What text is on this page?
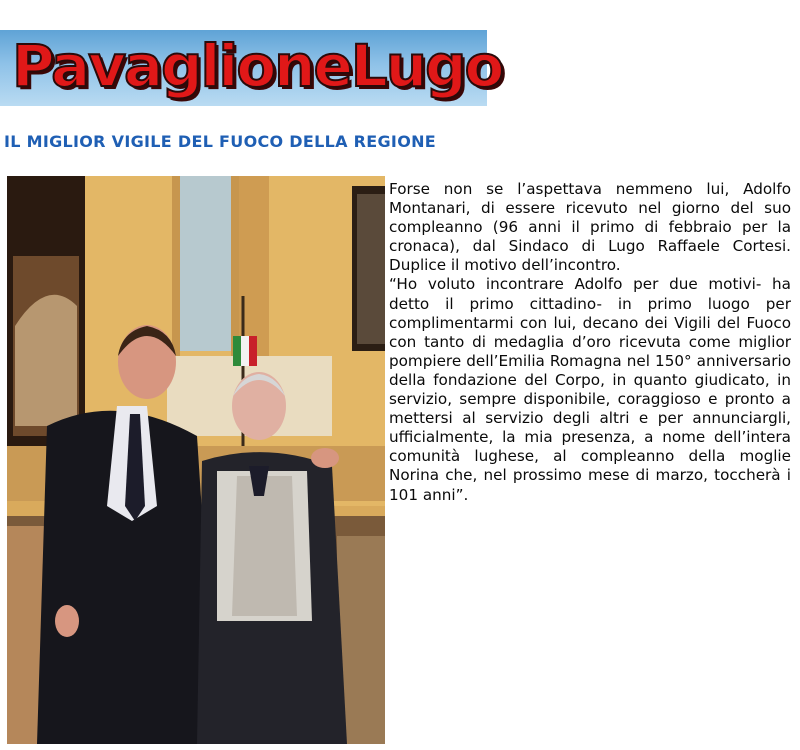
PavaglioneLugo
IL MIGLIOR VIGILE DEL FUOCO DELLA REGIONE

Forse non se l’aspettava nemmeno lui, Adolfo Montanari, di essere ricevuto nel giorno del suo compleanno (96 anni il primo di febbraio per la cronaca), dal Sindaco di Lugo Raffaele Cortesi. Duplice il motivo dell’incontro.

“Ho voluto incontrare Adolfo per due motivi- ha detto il primo cittadino- in primo luogo per complimentarmi con lui, decano dei Vigili del Fuoco con tanto di medaglia d’oro ricevuta come miglior pompiere dell’Emilia Romagna nel 150° anniversario della fondazione del Corpo, in quanto giudicato, in servizio, sempre disponibile, coraggioso e pronto a mettersi al servizio degli altri e per annunciargli, ufficialmente, la mia presenza, a nome dell’intera comunità lughese, al compleanno della moglie Norina che, nel prossimo mese di marzo, toccherà i 101 anni”.
